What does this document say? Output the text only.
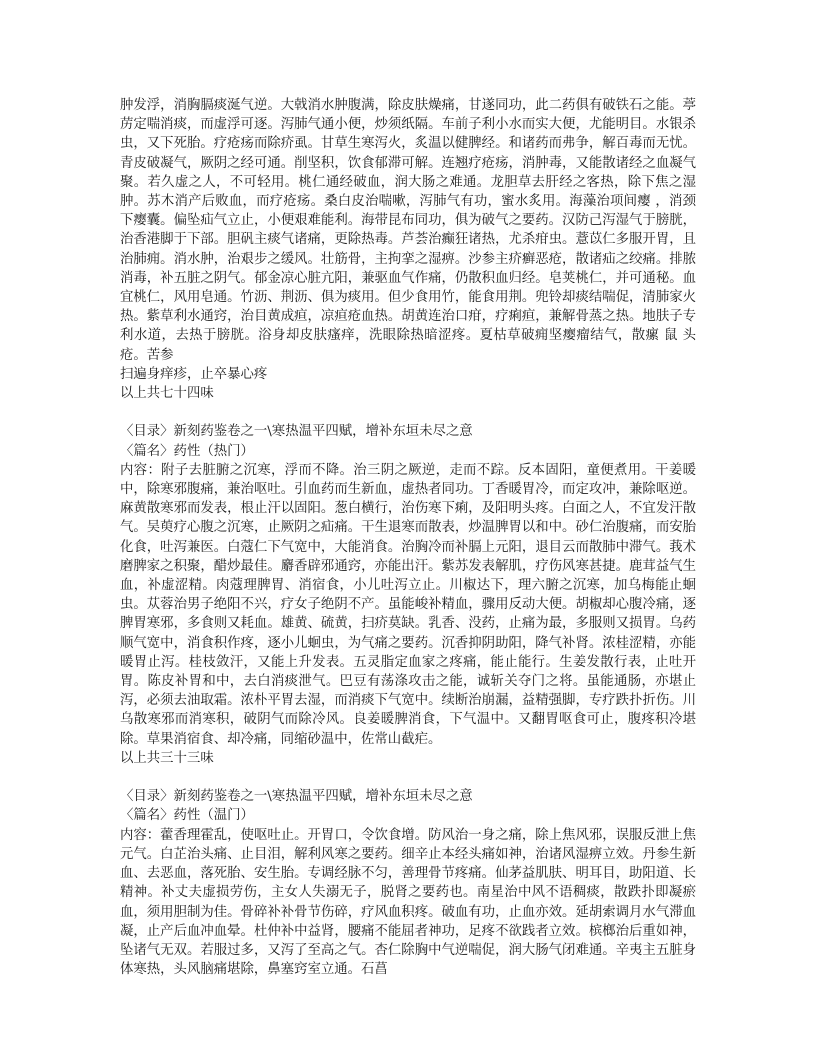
肿发浮，消胸膈痰涎气逆。大戟消水肿腹满，除皮肤燥痛，甘遂同功，此二药俱有破铁石之能。葶苈定喘消痰，而虚浮可逐。泻肺气通小便，炒须纸隔。车前子利小水而实大便，尤能明目。水银杀虫，又下死胎。疗疮疡而除疥虱。甘草生寒泻火，炙温以健脾经。和诸药而弗争，解百毒而无忧。青皮破凝气，厥阴之经可通。削坚积，饮食郁滞可解。连翘疗疮疡，消肿毒，又能散诸经之血凝气聚。若久虚之人，不可轻用。桃仁通经破血，润大肠之难通。龙胆草去肝经之客热，除下焦之湿肿。苏木消产后败血，而疗疮疡。桑白皮治喘嗽，泻肺气有功，蜜水炙用。海藻治项间瘿 ，消颈下瘿囊。偏坠疝气立止，小便艰难能利。海带昆布同功，俱为破气之要药。汉防己泻湿气于膀胱，治香港脚于下部。胆矾主痰气诸痛，更除热毒。芦荟治癫狂诸热，尤杀疳虫。薏苡仁多服开胃，且治肺痈。消水肿，治艰步之缓风。壮筋骨，主拘挛之湿痹。沙参主疥癣恶疮，散诸疝之绞痛。排脓消毒，补五脏之阴气。郁金凉心脏亢阳，兼驱血气作痛，仍散积血归经。皂荚桃仁，并可通秘。血宜桃仁，风用皂通。竹沥、荆沥、俱为痰用。但少食用竹，能食用荆。兜铃却痰结喘促，清肺家火热。紫草利水通窍，治目黄成疸，凉疸疮血热。胡黄连治口疳，疗痢疸，兼解骨蒸之热。地肤子专利水道，去热于膀胱。浴身却皮肤瘙痒，洗眼除热暗涩疼。夏枯草破痈坚瘿瘤结气，散瘰 鼠 头疮。苦参

扫遍身痒疹，止卒暴心疼

以上共七十四味

〈目录〉新刻药鉴卷之一\寒热温平四赋，增补东垣未尽之意

〈篇名〉药性（热门）

内容：附子去脏腑之沉寒，浮而不降。治三阴之厥逆，走而不踪。反本固阳，童便煮用。干姜暖中，除寒邪腹痛，兼治呕吐。引血药而生新血，虚热者同功。丁香暖胃冷，而定攻冲，兼除呕逆。麻黄散寒邪而发表，根止汗以固阳。葱白横行，治伤寒下痢，及阳明头疼。白面之人，不宜发汗散气。吴萸疗心腹之沉寒，止厥阴之疝痛。干生退寒而散表，炒温脾胃以和中。砂仁治腹痛，而安胎化食，吐泻兼医。白蔻仁下气宽中，大能消食。治胸冷而补膈上元阳，退目云而散肺中滞气。莪术磨脾家之积聚，醋炒最佳。麝香辟邪通窍，亦能出汗。紫苏发表解肌，疗伤风寒甚捷。鹿茸益气生血，补虚涩精。肉蔻理脾胃、消宿食，小儿吐泻立止。川椒达下，理六腑之沉寒，加乌梅能止蛔虫。苁蓉治男子绝阳不兴，疗女子绝阴不产。虽能峻补精血，骤用反动大便。胡椒却心腹冷痛，逐脾胃寒邪，多食则又耗血。雄黄、硫黄，扫疥莫缺。乳香、没药，止痛为最，多服则又损胃。乌药顺气宽中，消食积作疼，逐小儿蛔虫，为气痛之要药。沉香抑阴助阳，降气补肾。浓桂涩精，亦能暖胃止泻。桂枝敛汗，又能上升发表。五灵脂定血家之疼痛，能止能行。生姜发散行表，止吐开胃。陈皮补胃和中，去白消痰泄气。巴豆有荡涤攻击之能，诚斩关夺门之将。虽能通肠，亦堪止泻，必须去油取霜。浓朴平胃去湿，而消痰下气宽中。续断治崩漏，益精强脚，专疗跌扑折伤。川乌散寒邪而消寒积，破阴气而除冷风。良姜暖脾消食，下气温中。又翻胃呕食可止，腹疼积冷堪除。草果消宿食、却冷痛，同缩砂温中，佐常山截疟。

以上共三十三味

〈目录〉新刻药鉴卷之一\寒热温平四赋，增补东垣未尽之意

〈篇名〉药性（温门）

内容：藿香理霍乱，使呕吐止。开胃口，令饮食增。防风治一身之痛，除上焦风邪，误服反泄上焦元气。白芷治头痛、止目泪，解利风寒之要药。细辛止本经头痛如神，治诸风湿痹立效。丹参生新血、去恶血，落死胎、安生胎。专调经脉不匀，善理骨节疼痛。仙茅益肌肤、明耳目，助阳道、长精神。补丈夫虚损劳伤，主女人失溺无子，脱肾之要药也。南星治中风不语稠痰，散跌扑即凝瘀血，须用胆制为佳。骨碎补补骨节伤碎，疗风血积疼。破血有功，止血亦效。延胡索调月水气滞血凝，止产后血冲血晕。杜仲补中益肾，腰痛不能屈者神功，足疼不欲践者立效。槟榔治后重如神，坠诸气无双。若服过多，又泻了至高之气。杏仁除胸中气逆喘促，润大肠气闭难通。辛夷主五脏身体寒热，头风脑痛堪除，鼻塞窍室立通。石菖
